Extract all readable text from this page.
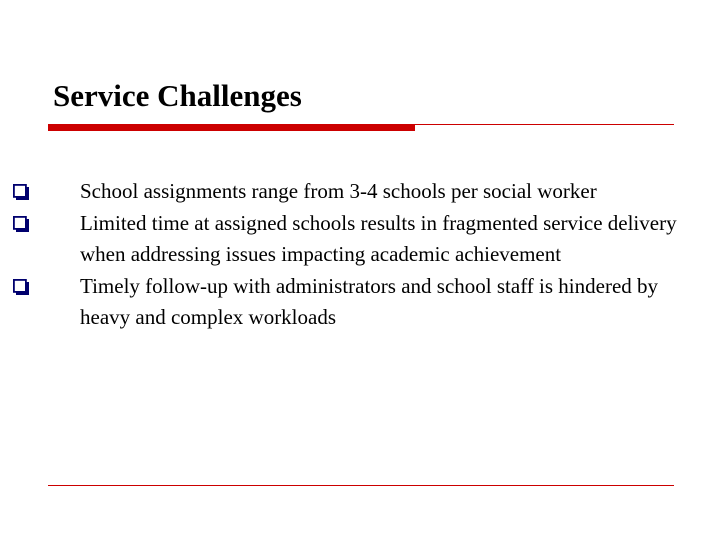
Service Challenges
School assignments range from 3-4 schools per social worker
Limited time at assigned schools results in fragmented service delivery when addressing issues impacting academic achievement
Timely follow-up with administrators and school staff is hindered by heavy and complex workloads
